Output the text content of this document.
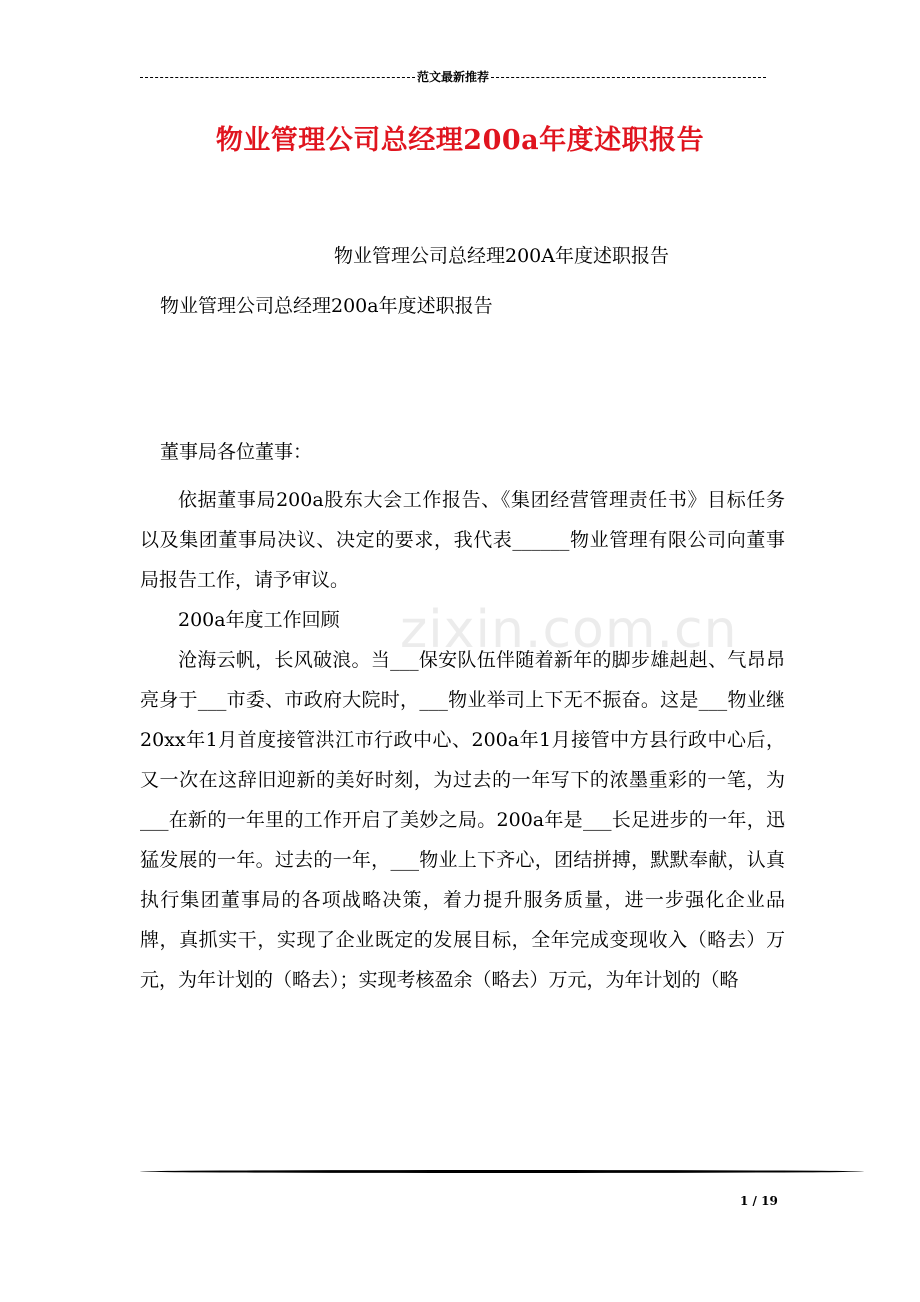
范文最新推荐
物业管理公司总经理200a年度述职报告
物业管理公司总经理200A年度述职报告
物业管理公司总经理200a年度述职报告
董事局各位董事：
zixin.com.cn

依据董事局200a股东大会工作报告、《集团经营管理责任书》目标任务以及集团董事局决议、决定的要求，我代表______物业管理有限公司向董事局报告工作，请予审议。

200a年度工作回顾

沧海云帆，长风破浪。当___保安队伍伴随着新年的脚步雄赳赳、气昂昂亮身于___市委、市政府大院时，___物业举司上下无不振奋。这是___物业继20xx年1月首度接管洪江市行政中心、200a年1月接管中方县行政中心后，又一次在这辞旧迎新的美好时刻，为过去的一年写下的浓墨重彩的一笔，为___在新的一年里的工作开启了美妙之局。200a年是___长足进步的一年，迅猛发展的一年。过去的一年，___物业上下齐心，团结拼搏，默默奉献，认真执行集团董事局的各项战略决策，着力提升服务质量，进一步强化企业品牌，真抓实干，实现了企业既定的发展目标，全年完成变现收入（略去）万元，为年计划的（略去）；实现考核盈余（略去）万元，为年计划的（略

1 / 19
